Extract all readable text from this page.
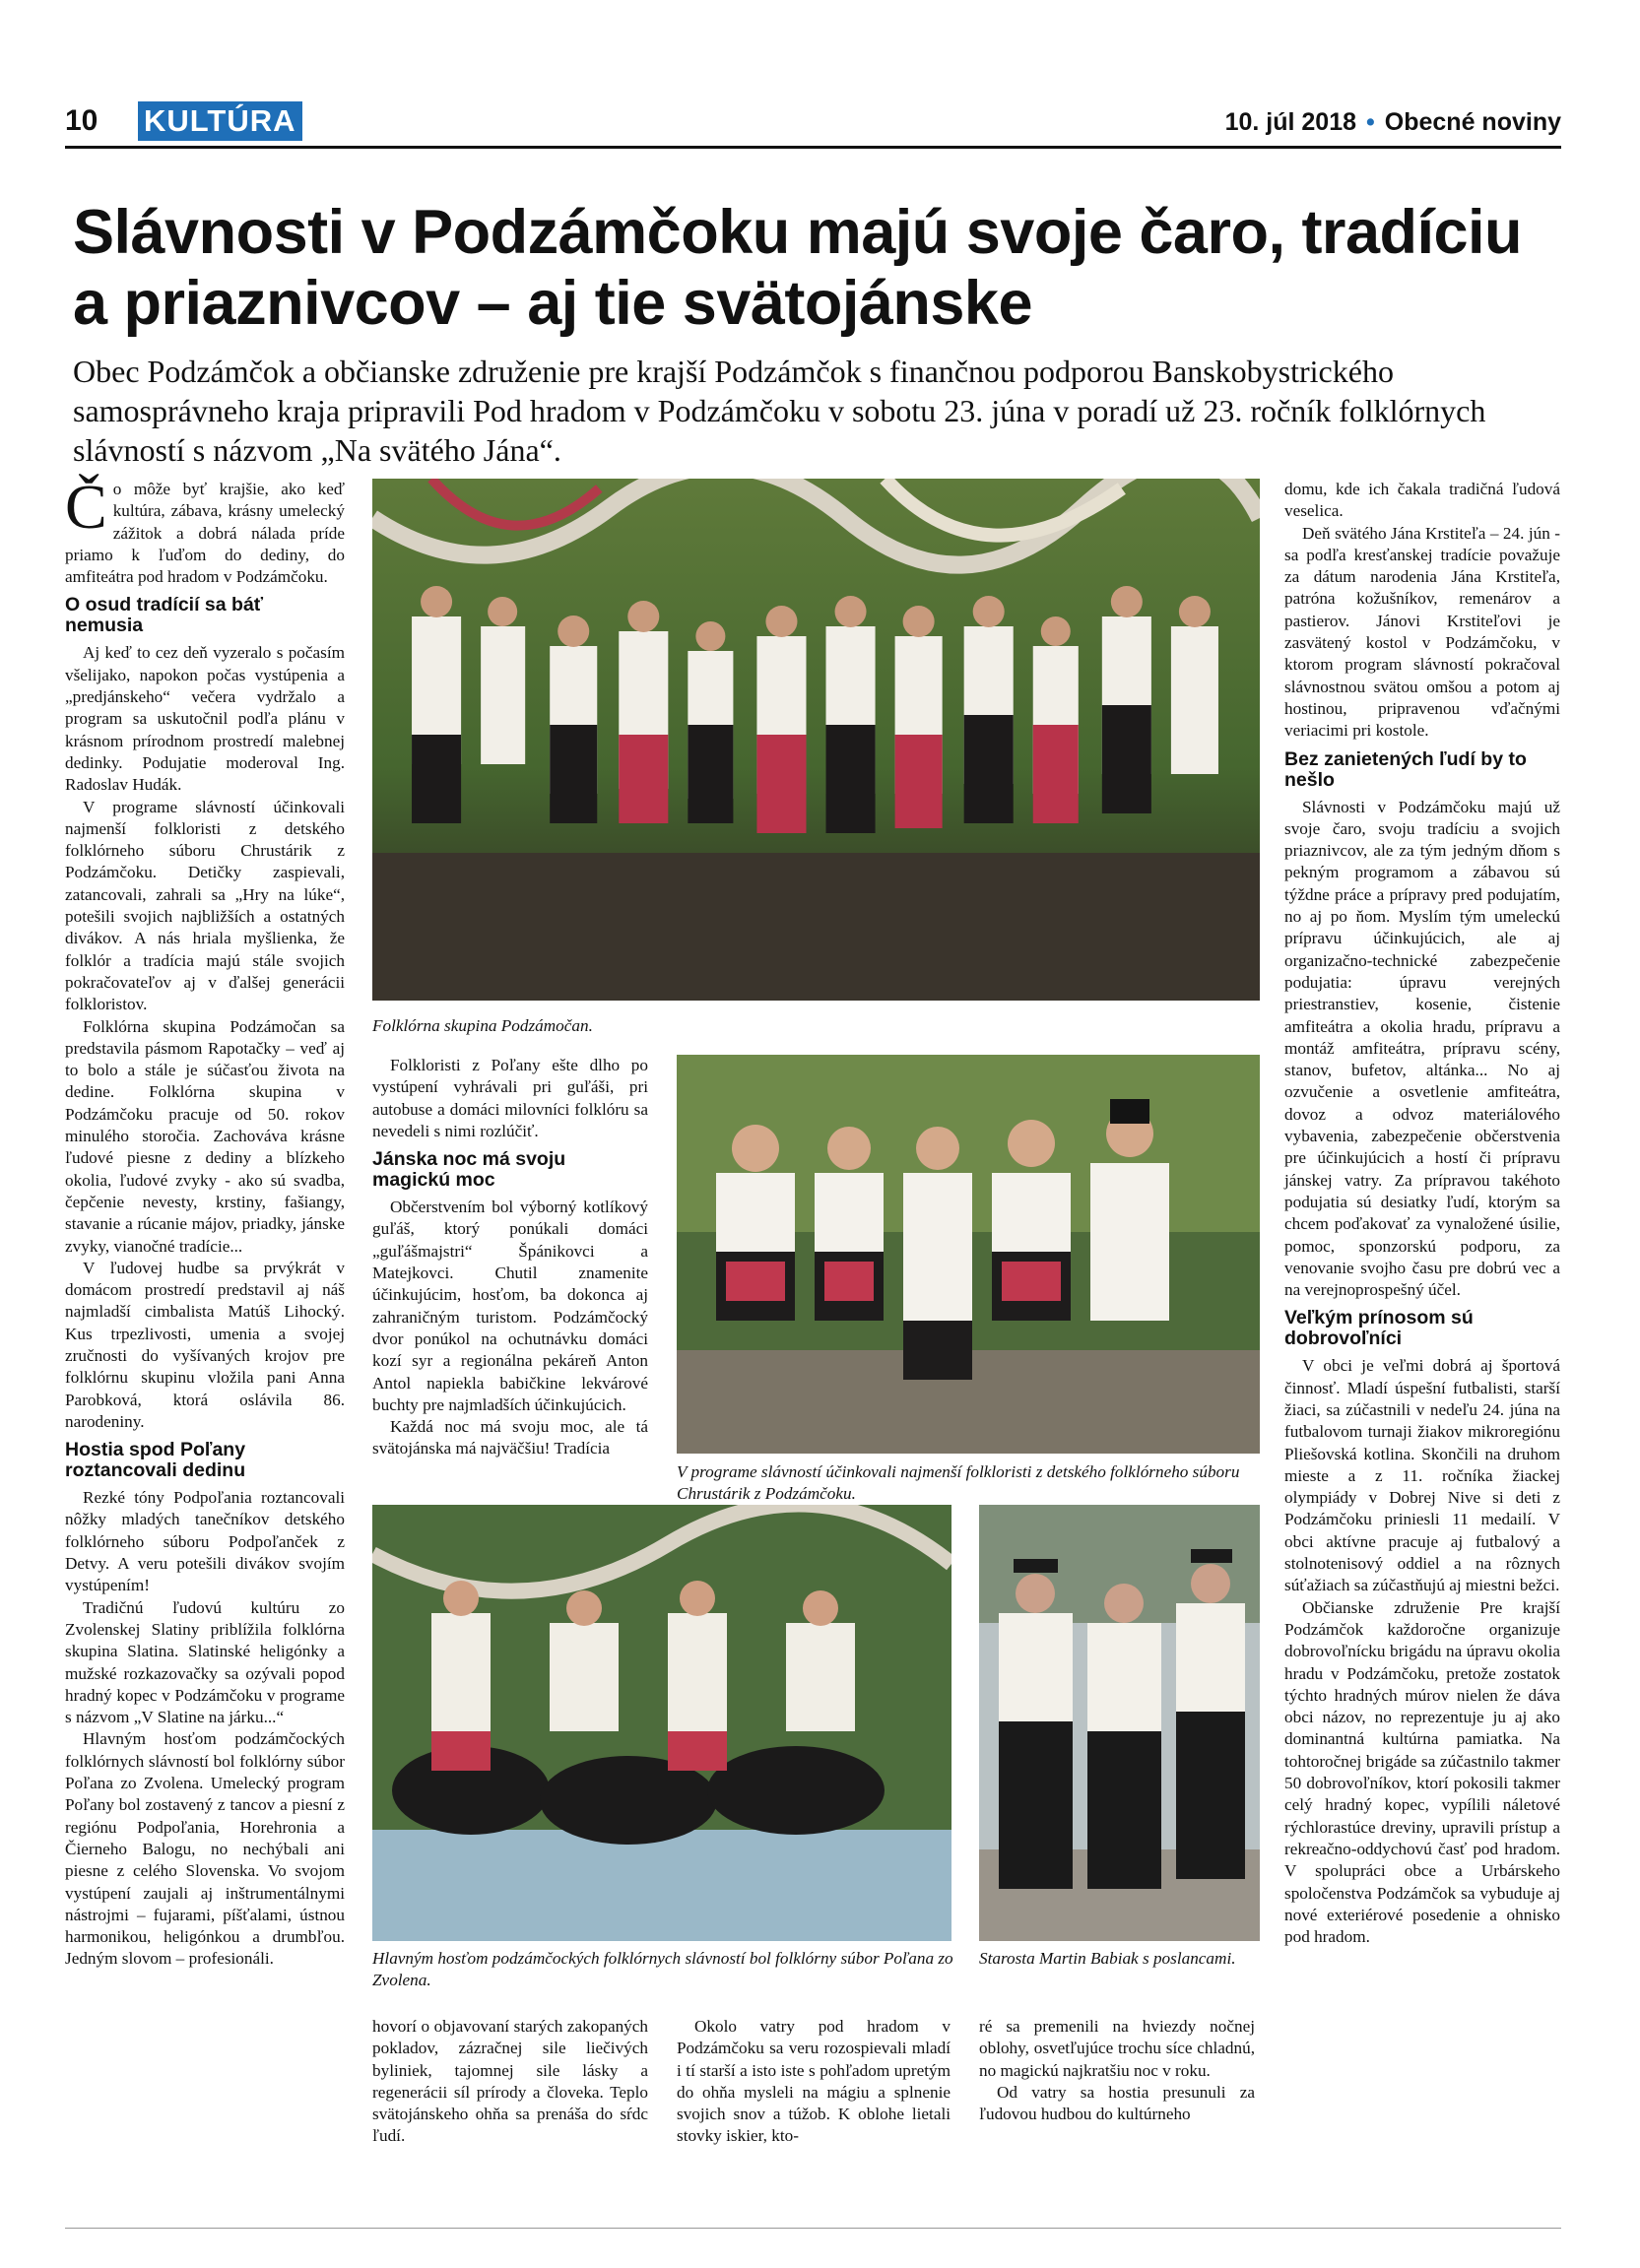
10 KULTÚRA	10. júl 2018 • Obecné noviny
Slávnosti v Podzámčoku majú svoje čaro, tradíciu a priaznivcov – aj tie svätojánske
Obec Podzámčok a občianske združenie pre krajší Podzámčok s finančnou podporou Banskobystrického samosprávneho kraja pripravili Pod hradom v Podzámčoku v sobotu 23. júna v poradí už 23. ročník folklórnych slávností s názvom „Na svätého Jána“.

Čo môže byť krajšie, ako keď kultúra, zábava, krásny umelecký zážitok a dobrá nálada príde priamo k ľuďom do dediny, do amfiteátra pod hradom v Podzámčoku.

O osud tradícií sa báť nemusia

Aj keď to cez deň vyzeralo s počasím všelijako, napokon počas vystúpenia a „predjánskeho“ večera vydržalo a program sa uskutočnil podľa plánu v krásnom prírodnom prostredí malebnej dedinky. Podujatie moderoval Ing. Radoslav Hudák.

V programe slávností účinkovali najmenší folkloristi z detského folklórneho súboru Chrustárik z Podzámčoku. Detičky zaspievali, zatancovali, zahrali sa „Hry na lúke“, potešili svojich najbližších a ostatných divákov. A nás hriala myšlienka, že folklór a tradícia majú stále svojich pokračovateľov aj v ďalšej generácii folkloristov.

Folklórna skupina Podzámočan sa predstavila pásmom Rapotačky – veď aj to bolo a stále je súčasťou života na dedine. Folklórna skupina v Podzámčoku pracuje od 50. rokov minulého storočia. Zachováva krásne ľudové piesne z dediny a blízkeho okolia, ľudové zvyky - ako sú svadba, čepčenie nevesty, krstiny, fašiangy, stavanie a rúcanie májov, priadky, jánske zvyky, vianočné tradície...

V ľudovej hudbe sa prvýkrát v domácom prostredí predstavil aj náš najmladší cimbalista Matúš Lihocký. Kus trpezlivosti, umenia a svojej zručnosti do vyšívaných krojov pre folklórnu skupinu vložila pani Anna Parobková, ktorá oslávila 86. narodeniny.

Hostia spod Poľany roztancovali dedinu

Rezké tóny Podpoľania roztancovali nôžky mladých tanečníkov detského folklórneho súboru Podpoľanček z Detvy. A veru potešili divákov svojím vystúpením!

Tradičnú ľudovú kultúru zo Zvolenskej Slatiny priblížila folklórna skupina Slatina. Slatinské heligónky a mužské rozkazovačky sa ozývali popod hradný kopec v Podzámčoku v programe s názvom „V Slatine na járku...“

Hlavným hosťom podzámčockých folklórnych slávností bol folklórny súbor Poľana zo Zvolena. Umelecký program Poľany bol zostavený z tancov a piesní z regiónu Podpoľania, Horehronia a Čierneho Balogu, no nechýbali ani piesne z celého Slovenska. Vo svojom vystúpení zaujali aj inštrumentálnymi nástrojmi – fujarami, píšťalami, ústnou harmonikou, heligónkou a drumbľou. Jedným slovom – profesionáli.

Folklórna skupina Podzámočan.

Folkloristi z Poľany ešte dlho po vystúpení vyhrávali pri guľáši, pri autobuse a domáci milovníci folklóru sa nevedeli s nimi rozlúčiť.

Jánska noc má svoju magickú moc

Občerstvením bol výborný kotlíkový guľáš, ktorý ponúkali domáci „guľášmajstri“ Špánikovci a Matejkovci. Chutil znamenite účinkujúcim, hosťom, ba dokonca aj zahraničným turistom. Podzámčocký dvor ponúkol na ochutnávku domáci kozí syr a regionálna pekáreň Anton Antol napiekla babičkine lekvárové buchty pre najmladších účinkujúcich.

Každá noc má svoju moc, ale tá svätojánska má najväčšiu! Tradícia

V programe slávností účinkovali najmenší folkloristi z detského folklórneho súboru Chrustárik z Podzámčoku.
Hlavným hosťom podzámčockých folklórnych slávností bol folklórny súbor Poľana zo Zvolena.
Starosta Martin Babiak s poslancami.

hovorí o objavovaní starých zakopaných pokladov, zázračnej sile liečivých byliniek, tajomnej sile lásky a regenerácii síl prírody a človeka. Teplo svätojánskeho ohňa sa prenáša do sŕdc ľudí.

Okolo vatry pod hradom v Podzámčoku sa veru rozospievali mladí i tí starší a isto iste s pohľadom upretým do ohňa mysleli na mágiu a splnenie svojich snov a túžob. K oblohe lietali stovky iskier, kto-

ré sa premenili na hviezdy nočnej oblohy, osvetľujúce trochu síce chladnú, no magickú najkratšiu noc v roku.

Od vatry sa hostia presunuli za ľudovou hudbou do kultúrneho

domu, kde ich čakala tradičná ľudová veselica.

Deň svätého Jána Krstiteľa – 24. jún - sa podľa kresťanskej tradície považuje za dátum narodenia Jána Krstiteľa, patróna kožušníkov, remenárov a pastierov. Jánovi Krstiteľovi je zasvätený kostol v Podzámčoku, v ktorom program slávností pokračoval slávnostnou svätou omšou a potom aj hostinou, pripravenou vďačnými veriacimi pri kostole.

Bez zanietených ľudí by to nešlo

Slávnosti v Podzámčoku majú už svoje čaro, svoju tradíciu a svojich priaznivcov, ale za tým jedným dňom s pekným programom a zábavou sú týždne práce a prípravy pred podujatím, no aj po ňom. Myslím tým umeleckú prípravu účinkujúcich, ale aj organizačno-technické zabezpečenie podujatia: úpravu verejných priestranstiev, kosenie, čistenie amfiteátra a okolia hradu, prípravu a montáž amfiteátra, prípravu scény, stanov, bufetov, altánka... No aj ozvučenie a osvetlenie amfiteátra, dovoz a odvoz materiálového vybavenia, zabezpečenie občerstvenia pre účinkujúcich a hostí či prípravu jánskej vatry. Za prípravou takéhoto podujatia sú desiatky ľudí, ktorým sa chcem poďakovať za vynaložené úsilie, pomoc, sponzorskú podporu, za venovanie svojho času pre dobrú vec a na verejnoprospešný účel.

Veľkým prínosom sú dobrovoľníci

V obci je veľmi dobrá aj športová činnosť. Mladí úspešní futbalisti, starší žiaci, sa zúčastnili v nedeľu 24. júna na futbalovom turnaji žiakov mikroregiónu Pliešovská kotlina. Skončili na druhom mieste a z 11. ročníka žiackej olympiády v Dobrej Nive si deti z Podzámčoku priniesli 11 medailí. V obci aktívne pracuje aj futbalový a stolnotenisový oddiel a na rôznych súťažiach sa zúčastňujú aj miestni bežci.

Občianske združenie Pre krajší Podzámčok každoročne organizuje dobrovoľnícku brigádu na úpravu okolia hradu v Podzámčoku, pretože zostatok týchto hradných múrov nielen že dáva obci názov, no reprezentuje ju aj ako dominantná kultúrna pamiatka. Na tohtoročnej brigáde sa zúčastnilo takmer 50 dobrovoľníkov, ktorí pokosili takmer celý hradný kopec, vypílili náletové rýchlorastúce dreviny, upravili prístup a rekreačno-oddychovú časť pod hradom. V spolupráci obce a Urbárskeho spoločenstva Podzámčok sa vybuduje aj nové exteriérové posedenie a ohnisko pod hradom.
